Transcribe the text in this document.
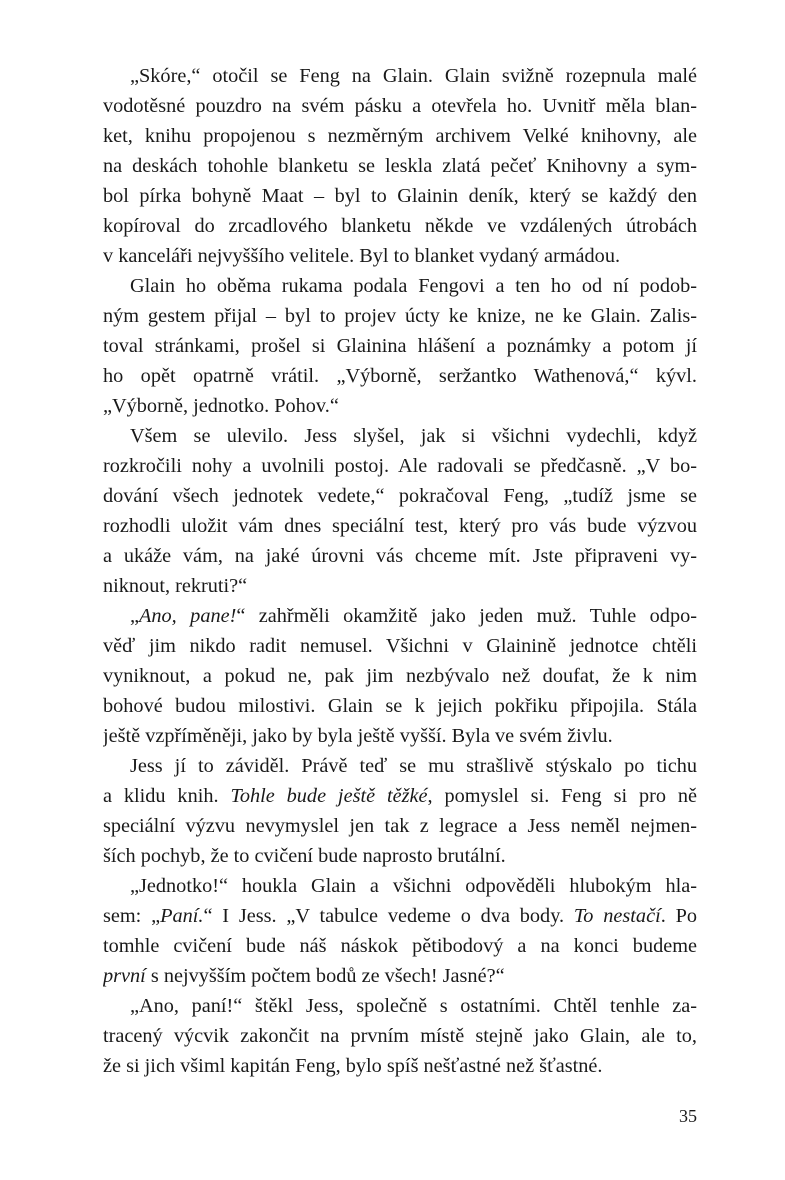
„Skóre,“ otočil se Feng na Glain. Glain svižně rozepnula malé
vodotěsné pouzdro na svém pásku a otevřela ho. Uvnitř měla blan-
ket, knihu propojenou s nezměrným archivem Velké knihovny, ale
na deskách tohohle blanketu se leskla zlatá pečeť Knihovny a sym-
bol pírka bohyně Maat – byl to Glainin deník, který se každý den
kopíroval do zrcadlového blanketu někde ve vzdálených útrobách
v kanceláři nejvyššího velitele. Byl to blanket vydaný armádou.
Glain ho oběma rukama podala Fengovi a ten ho od ní podob-
ným gestem přijal – byl to projev úcty ke knize, ne ke Glain. Zalis-
toval stránkami, prošel si Glainina hlášení a poznámky a potom jí
ho opět opatrně vrátil. „Výborně, seržantko Wathenová,“ kývl.
„Výborně, jednotko. Pohov.“
Všem se ulevilo. Jess slyšel, jak si všichni vydechli, když
rozkročili nohy a uvolnili postoj. Ale radovali se předčasně. „V bo-
dování všech jednotek vedete,“ pokračoval Feng, „tudíž jsme se
rozhodli uložit vám dnes speciální test, který pro vás bude výzvou
a ukáže vám, na jaké úrovni vás chceme mít. Jste připraveni vy-
niknout, rekruti?“
„Ano, pane!“ zahřměli okamžitě jako jeden muž. Tuhle odpo-
věď jim nikdo radit nemusel. Všichni v Glainině jednotce chtěli
vyniknout, a pokud ne, pak jim nezbývalo než doufat, že k nim
bohové budou milostivi. Glain se k jejich pokřiku připojila. Stála
ještě vzpříměněji, jako by byla ještě vyšší. Byla ve svém živlu.
Jess jí to záviděl. Právě teď se mu strašlivě stýskalo po tichu
a klidu knih. Tohle bude ještě těžké, pomyslel si. Feng si pro ně
speciální výzvu nevymyslel jen tak z legrace a Jess neměl nejmen-
ších pochyb, že to cvičení bude naprosto brutální.
„Jednotko!“ houkla Glain a všichni odpověděli hlubokým hla-
sem: „Paní.“ I Jess. „V tabulce vedeme o dva body. To nestačí. Po
tomhle cvičení bude náš náskok pětibodový a na konci budeme
první s nejvyšším počtem bodů ze všech! Jasné?“
„Ano, paní!“ štěkl Jess, společně s ostatními. Chtěl tenhle za-
tracený výcvik zakončit na prvním místě stejně jako Glain, ale to,
že si jich všiml kapitán Feng, bylo spíš nešťastné než šťastné.
35
